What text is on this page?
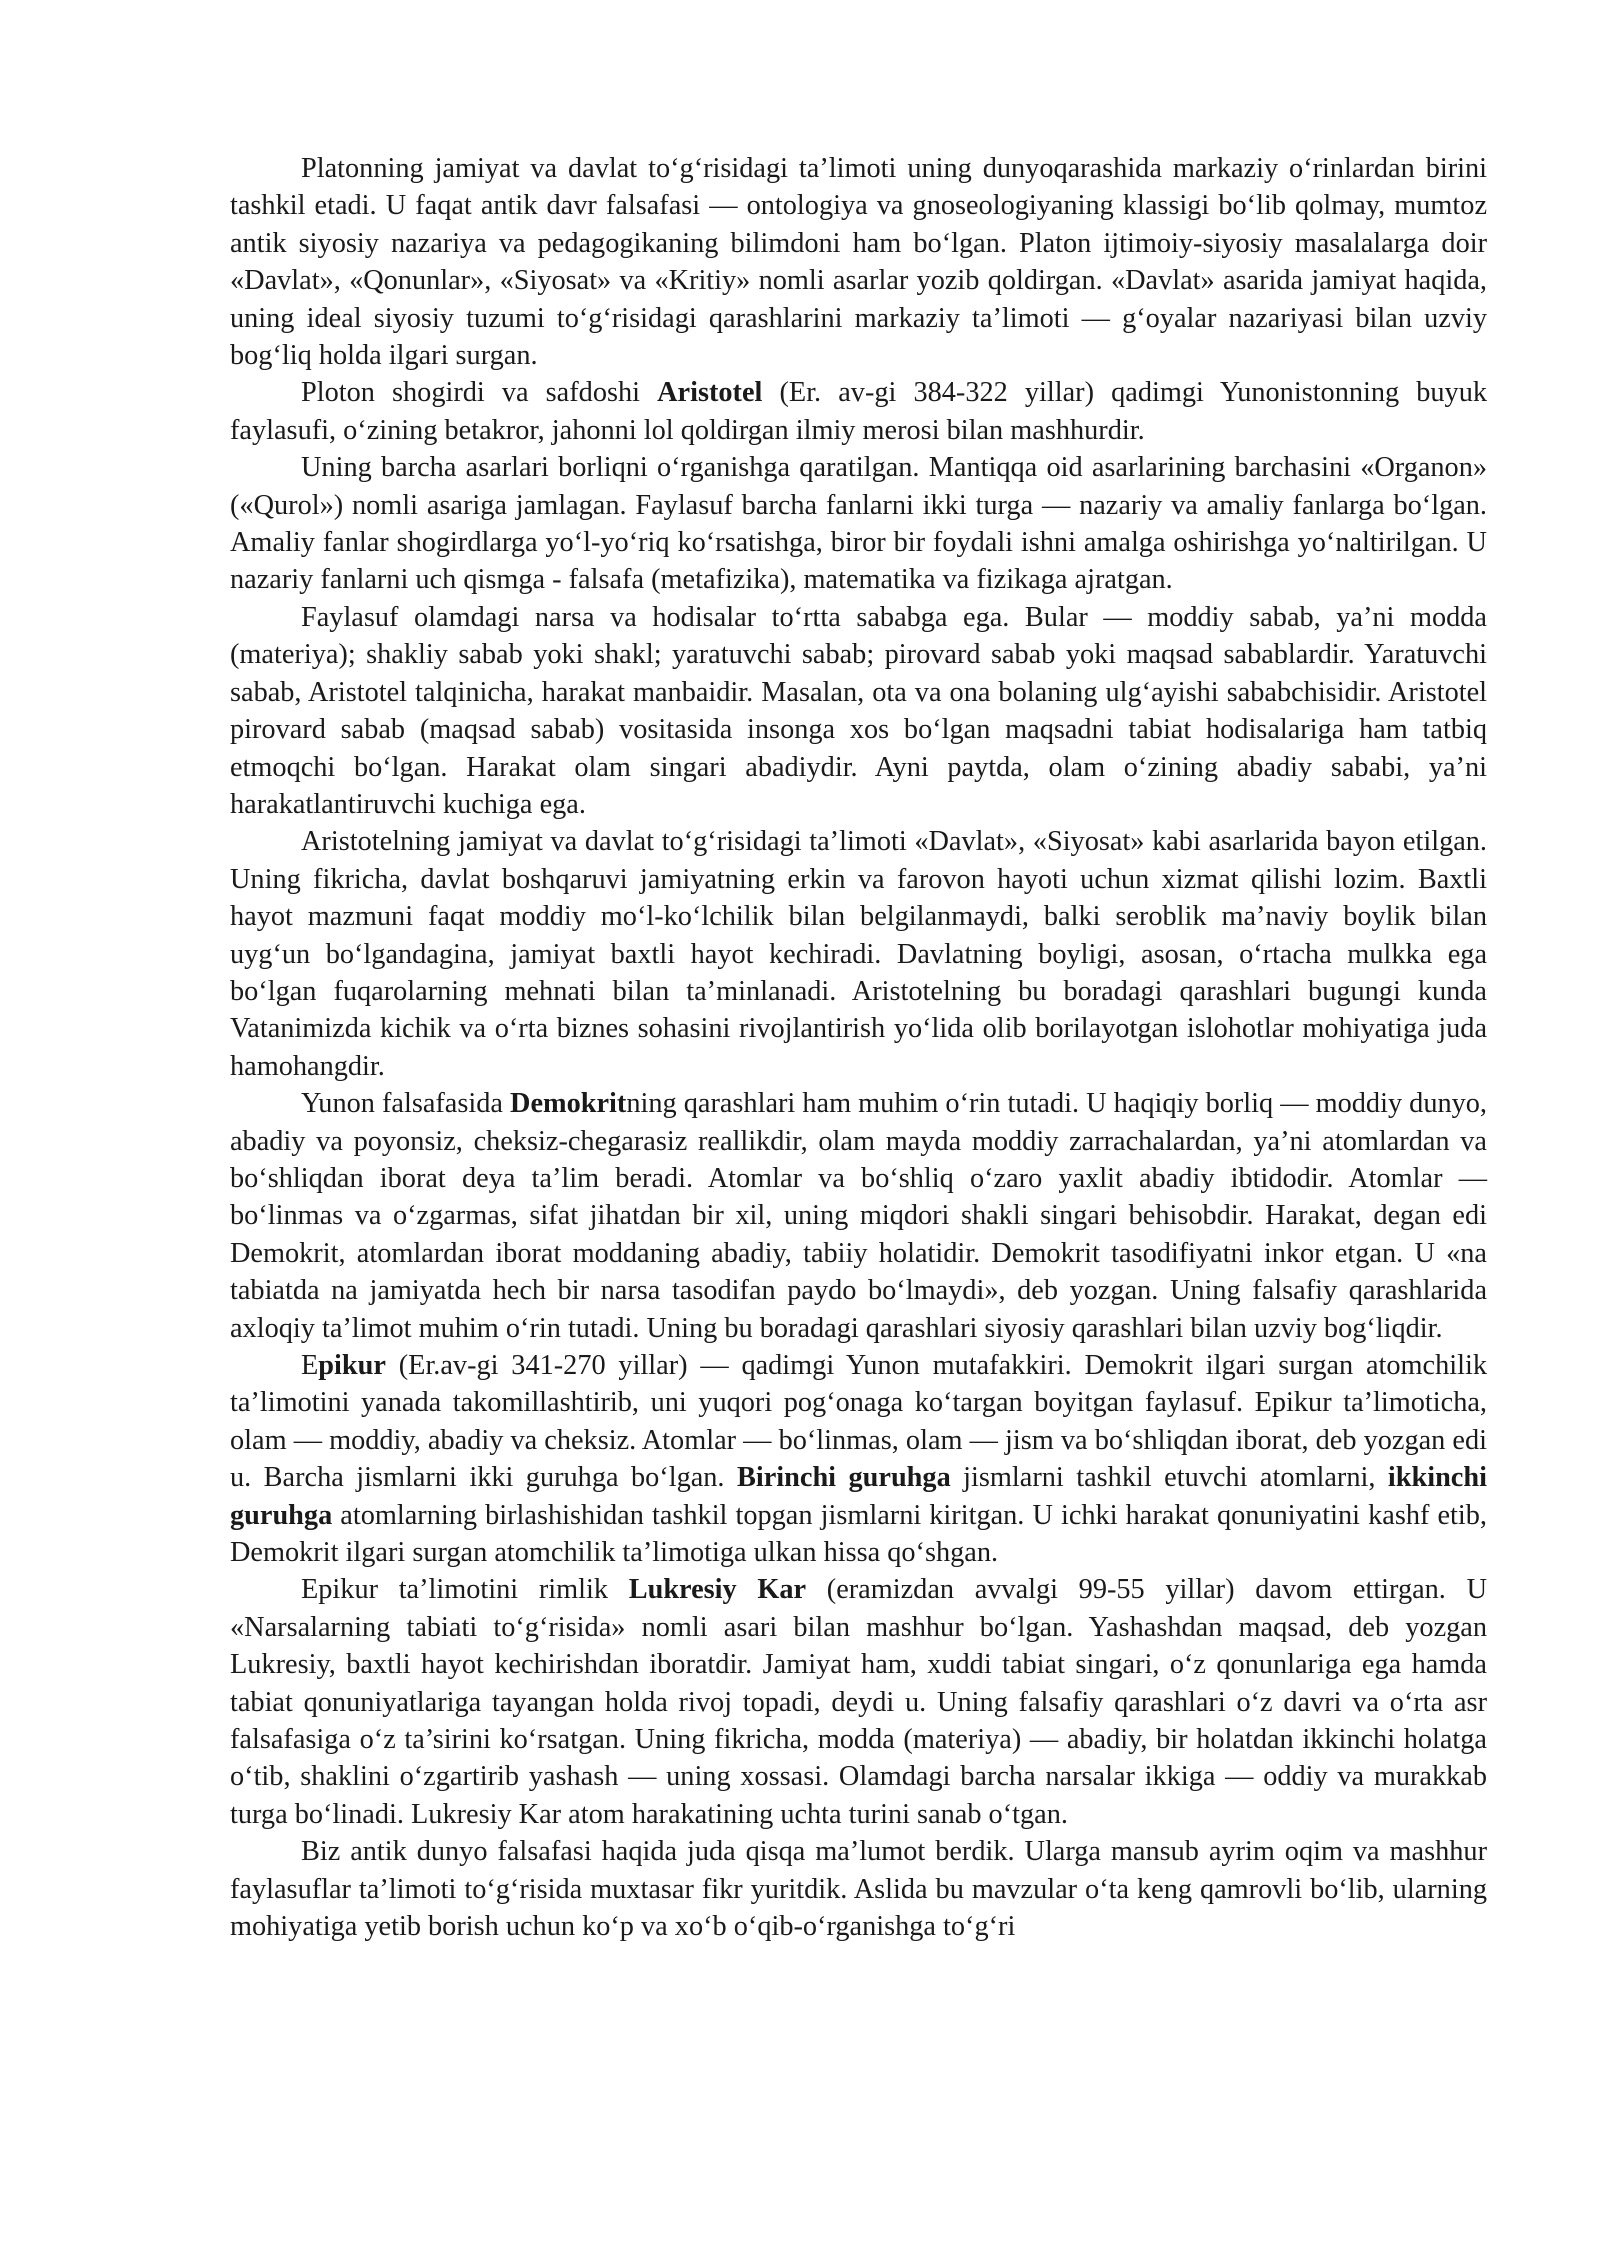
Platonning jamiyat va davlat to‘g‘risidagi ta’limoti uning dunyoqarashida markaziy o‘rinlardan birini tashkil etadi. U faqat antik davr falsafasi — ontologiya va gnoseologiyaning klassigi bo‘lib qolmay, mumtoz antik siyosiy nazariya va pedagogikaning bilimdoni ham bo‘lgan. Platon ijtimoiy-siyosiy masalalarga doir «Davlat», «Qonunlar», «Siyosat» va «Kritiy» nomli asarlar yozib qoldirgan. «Davlat» asarida jamiyat haqida, uning ideal siyosiy tuzumi to‘g‘risidagi qarashlarini markaziy ta’limoti — g‘oyalar nazariyasi bilan uzviy bog‘liq holda ilgari surgan.

Ploton shogirdi va safdoshi Aristotel (Er. av-gi 384-322 yillar) qadimgi Yunonistonning buyuk faylasufi, o‘zining betakror, jahonni lol qoldirgan ilmiy merosi bilan mashhurdir.

Uning barcha asarlari borliqni o‘rganishga qaratilgan. Mantiqqa oid asarlarining barchasini «Organon» («Qurol») nomli asariga jamlagan. Faylasuf barcha fanlarni ikki turga — nazariy va amaliy fanlarga bo‘lgan. Amaliy fanlar shogirdlarga yo‘l-yo‘riq ko‘rsatishga, biror bir foydali ishni amalga oshirishga yo‘naltirilgan. U nazariy fanlarni uch qismga - falsafa (metafizika), matematika va fizikaga ajratgan.

Faylasuf olamdagi narsa va hodisalar to‘rtta sababga ega. Bular — moddiy sabab, ya’ni modda (materiya); shakliy sabab yoki shakl; yaratuvchi sabab; pirovard sabab yoki maqsad sabablardir. Yaratuvchi sabab, Aristotel talqinicha, harakat manbaidir. Masalan, ota va ona bolaning ulg‘ayishi sababchisidir. Aristotel pirovard sabab (maqsad sabab) vositasida insonga xos bo‘lgan maqsadni tabiat hodisalariga ham tatbiq etmoqchi bo‘lgan. Harakat olam singari abadiydir. Ayni paytda, olam o‘zining abadiy sababi, ya’ni harakatlantiruvchi kuchiga ega.

Aristotelning jamiyat va davlat to‘g‘risidagi ta’limoti «Davlat», «Siyosat» kabi asarlarida bayon etilgan. Uning fikricha, davlat boshqaruvi jamiyatning erkin va farovon hayoti uchun xizmat qilishi lozim. Baxtli hayot mazmuni faqat moddiy mo‘l-ko‘lchilik bilan belgilanmaydi, balki seroblik ma’naviy boylik bilan uyg‘un bo‘lgandagina, jamiyat baxtli hayot kechiradi. Davlatning boyligi, asosan, o‘rtacha mulkka ega bo‘lgan fuqarolarning mehnati bilan ta’minlanadi. Aristotelning bu boradagi qarashlari bugungi kunda Vatanimizda kichik va o‘rta biznes sohasini rivojlantirish yo‘lida olib borilayotgan islohotlar mohiyatiga juda hamohangdir.

Yunon falsafasida Demokritning qarashlari ham muhim o‘rin tutadi. U haqiqiy borliq — moddiy dunyo, abadiy va poyonsiz, cheksiz-chegarasiz reallikdir, olam mayda moddiy zarrachalardan, ya’ni atomlardan va bo‘shliqdan iborat deya ta’lim beradi. Atomlar va bo‘shliq o‘zaro yaxlit abadiy ibtidodir. Atomlar — bo‘linmas va o‘zgarmas, sifat jihatdan bir xil, uning miqdori shakli singari behisobdir. Harakat, degan edi Demokrit, atomlardan iborat moddaning abadiy, tabiiy holatidir. Demokrit tasodifiyatni inkor etgan. U «na tabiatda na jamiyatda hech bir narsa tasodifan paydo bo‘lmaydi», deb yozgan. Uning falsafiy qarashlarida axloqiy ta’limot muhim o‘rin tutadi. Uning bu boradagi qarashlari siyosiy qarashlari bilan uzviy bog‘liqdir.

Epikur (Er.av-gi 341-270 yillar) — qadimgi Yunon mutafakkiri. Demokrit ilgari surgan atomchilik ta’limotini yanada takomillashtirib, uni yuqori pog‘onaga ko‘targan boyitgan faylasuf. Epikur ta’limoticha, olam — moddiy, abadiy va cheksiz. Atomlar — bo‘linmas, olam — jism va bo‘shliqdan iborat, deb yozgan edi u. Barcha jismlarni ikki guruhga bo‘lgan. Birinchi guruhga jismlarni tashkil etuvchi atomlarni, ikkinchi guruhga atomlarning birlashishidan tashkil topgan jismlarni kiritgan. U ichki harakat qonuniyatini kashf etib, Demokrit ilgari surgan atomchilik ta’limotiga ulkan hissa qo‘shgan.

Epikur ta’limotini rimlik Lukresiy Kar (eramizdan avvalgi 99-55 yillar) davom ettirgan. U «Narsalarning tabiati to‘g‘risida» nomli asari bilan mashhur bo‘lgan. Yashashdan maqsad, deb yozgan Lukresiy, baxtli hayot kechirishdan iboratdir. Jamiyat ham, xuddi tabiat singari, o‘z qonunlariga ega hamda tabiat qonuniyatlariga tayangan holda rivoj topadi, deydi u. Uning falsafiy qarashlari o‘z davri va o‘rta asr falsafasiga o‘z ta’sirini ko‘rsatgan. Uning fikricha, modda (materiya) — abadiy, bir holatdan ikkinchi holatga o‘tib, shaklini o‘zgartirib yashash — uning xossasi. Olamdagi barcha narsalar ikkiga — oddiy va murakkab turga bo‘linadi. Lukresiy Kar atom harakatining uchta turini sanab o‘tgan.

Biz antik dunyo falsafasi haqida juda qisqa ma’lumot berdik. Ularga mansub ayrim oqim va mashhur faylasuflar ta’limoti to‘g‘risida muxtasar fikr yuritdik. Aslida bu mavzular o‘ta keng qamrovli bo‘lib, ularning mohiyatiga yetib borish uchun ko‘p va xo‘b o‘qib-o‘rganishga to‘g‘ri
